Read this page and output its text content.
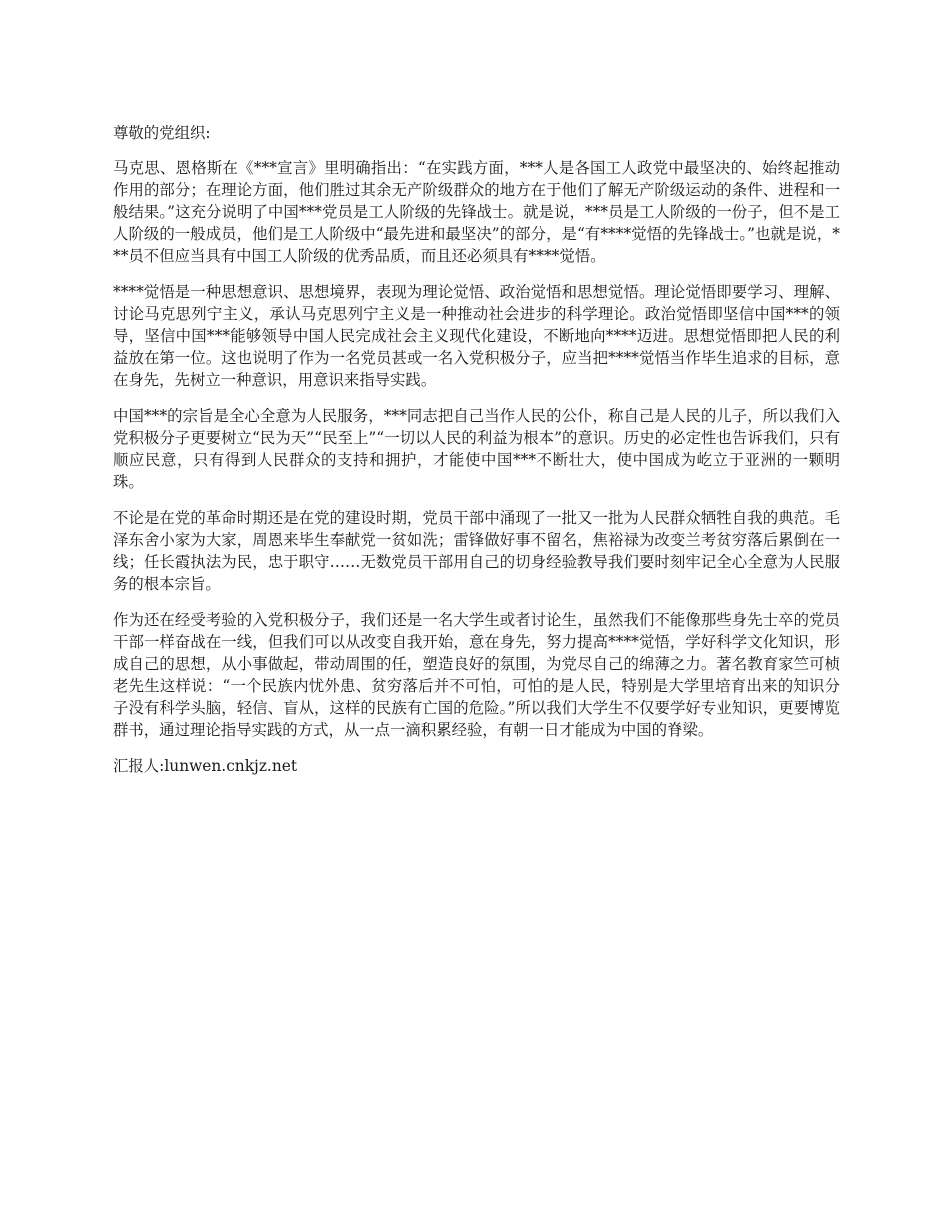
尊敬的党组织:

马克思、恩格斯在《***宣言》里明确指出：“在实践方面，***人是各国工人政党中最坚决的、始终起推动作用的部分；在理论方面，他们胜过其余无产阶级群众的地方在于他们了解无产阶级运动的条件、进程和一般结果。”这充分说明了中国***党员是工人阶级的先锋战士。就是说，***员是工人阶级的一份子，但不是工人阶级的一般成员，他们是工人阶级中“最先进和最坚决”的部分，是“有****觉悟的先锋战士。”也就是说，***员不但应当具有中国工人阶级的优秀品质，而且还必须具有****觉悟。

****觉悟是一种思想意识、思想境界，表现为理论觉悟、政治觉悟和思想觉悟。理论觉悟即要学习、理解、讨论马克思列宁主义，承认马克思列宁主义是一种推动社会进步的科学理论。政治觉悟即坚信中国***的领导，坚信中国***能够领导中国人民完成社会主义现代化建设，不断地向****迈进。思想觉悟即把人民的利益放在第一位。这也说明了作为一名党员甚或一名入党积极分子，应当把****觉悟当作毕生追求的目标，意在身先，先树立一种意识，用意识来指导实践。

中国***的宗旨是全心全意为人民服务，***同志把自己当作人民的公仆，称自己是人民的儿子，所以我们入党积极分子更要树立“民为天”“民至上”“一切以人民的利益为根本”的意识。历史的必定性也告诉我们，只有顺应民意，只有得到人民群众的支持和拥护，才能使中国***不断壮大，使中国成为屹立于亚洲的一颗明珠。

不论是在党的革命时期还是在党的建设时期，党员干部中涌现了一批又一批为人民群众牺牲自我的典范。毛泽东舍小家为大家，周恩来毕生奉献党一贫如洗；雷锋做好事不留名，焦裕禄为改变兰考贫穷落后累倒在一线；任长霞执法为民，忠于职守……无数党员干部用自己的切身经验教导我们要时刻牢记全心全意为人民服务的根本宗旨。

作为还在经受考验的入党积极分子，我们还是一名大学生或者讨论生，虽然我们不能像那些身先士卒的党员干部一样奋战在一线，但我们可以从改变自我开始，意在身先，努力提高****觉悟，学好科学文化知识，形成自己的思想，从小事做起，带动周围的任，塑造良好的氛围，为党尽自己的绵薄之力。著名教育家竺可桢老先生这样说：“一个民族内忧外患、贫穷落后并不可怕，可怕的是人民，特别是大学里培育出来的知识分子没有科学头脑，轻信、盲从，这样的民族有亡国的危险。”所以我们大学生不仅要学好专业知识，更要博览群书，通过理论指导实践的方式，从一点一滴积累经验，有朝一日才能成为中国的脊梁。

汇报人:lunwen.cnkjz.net
